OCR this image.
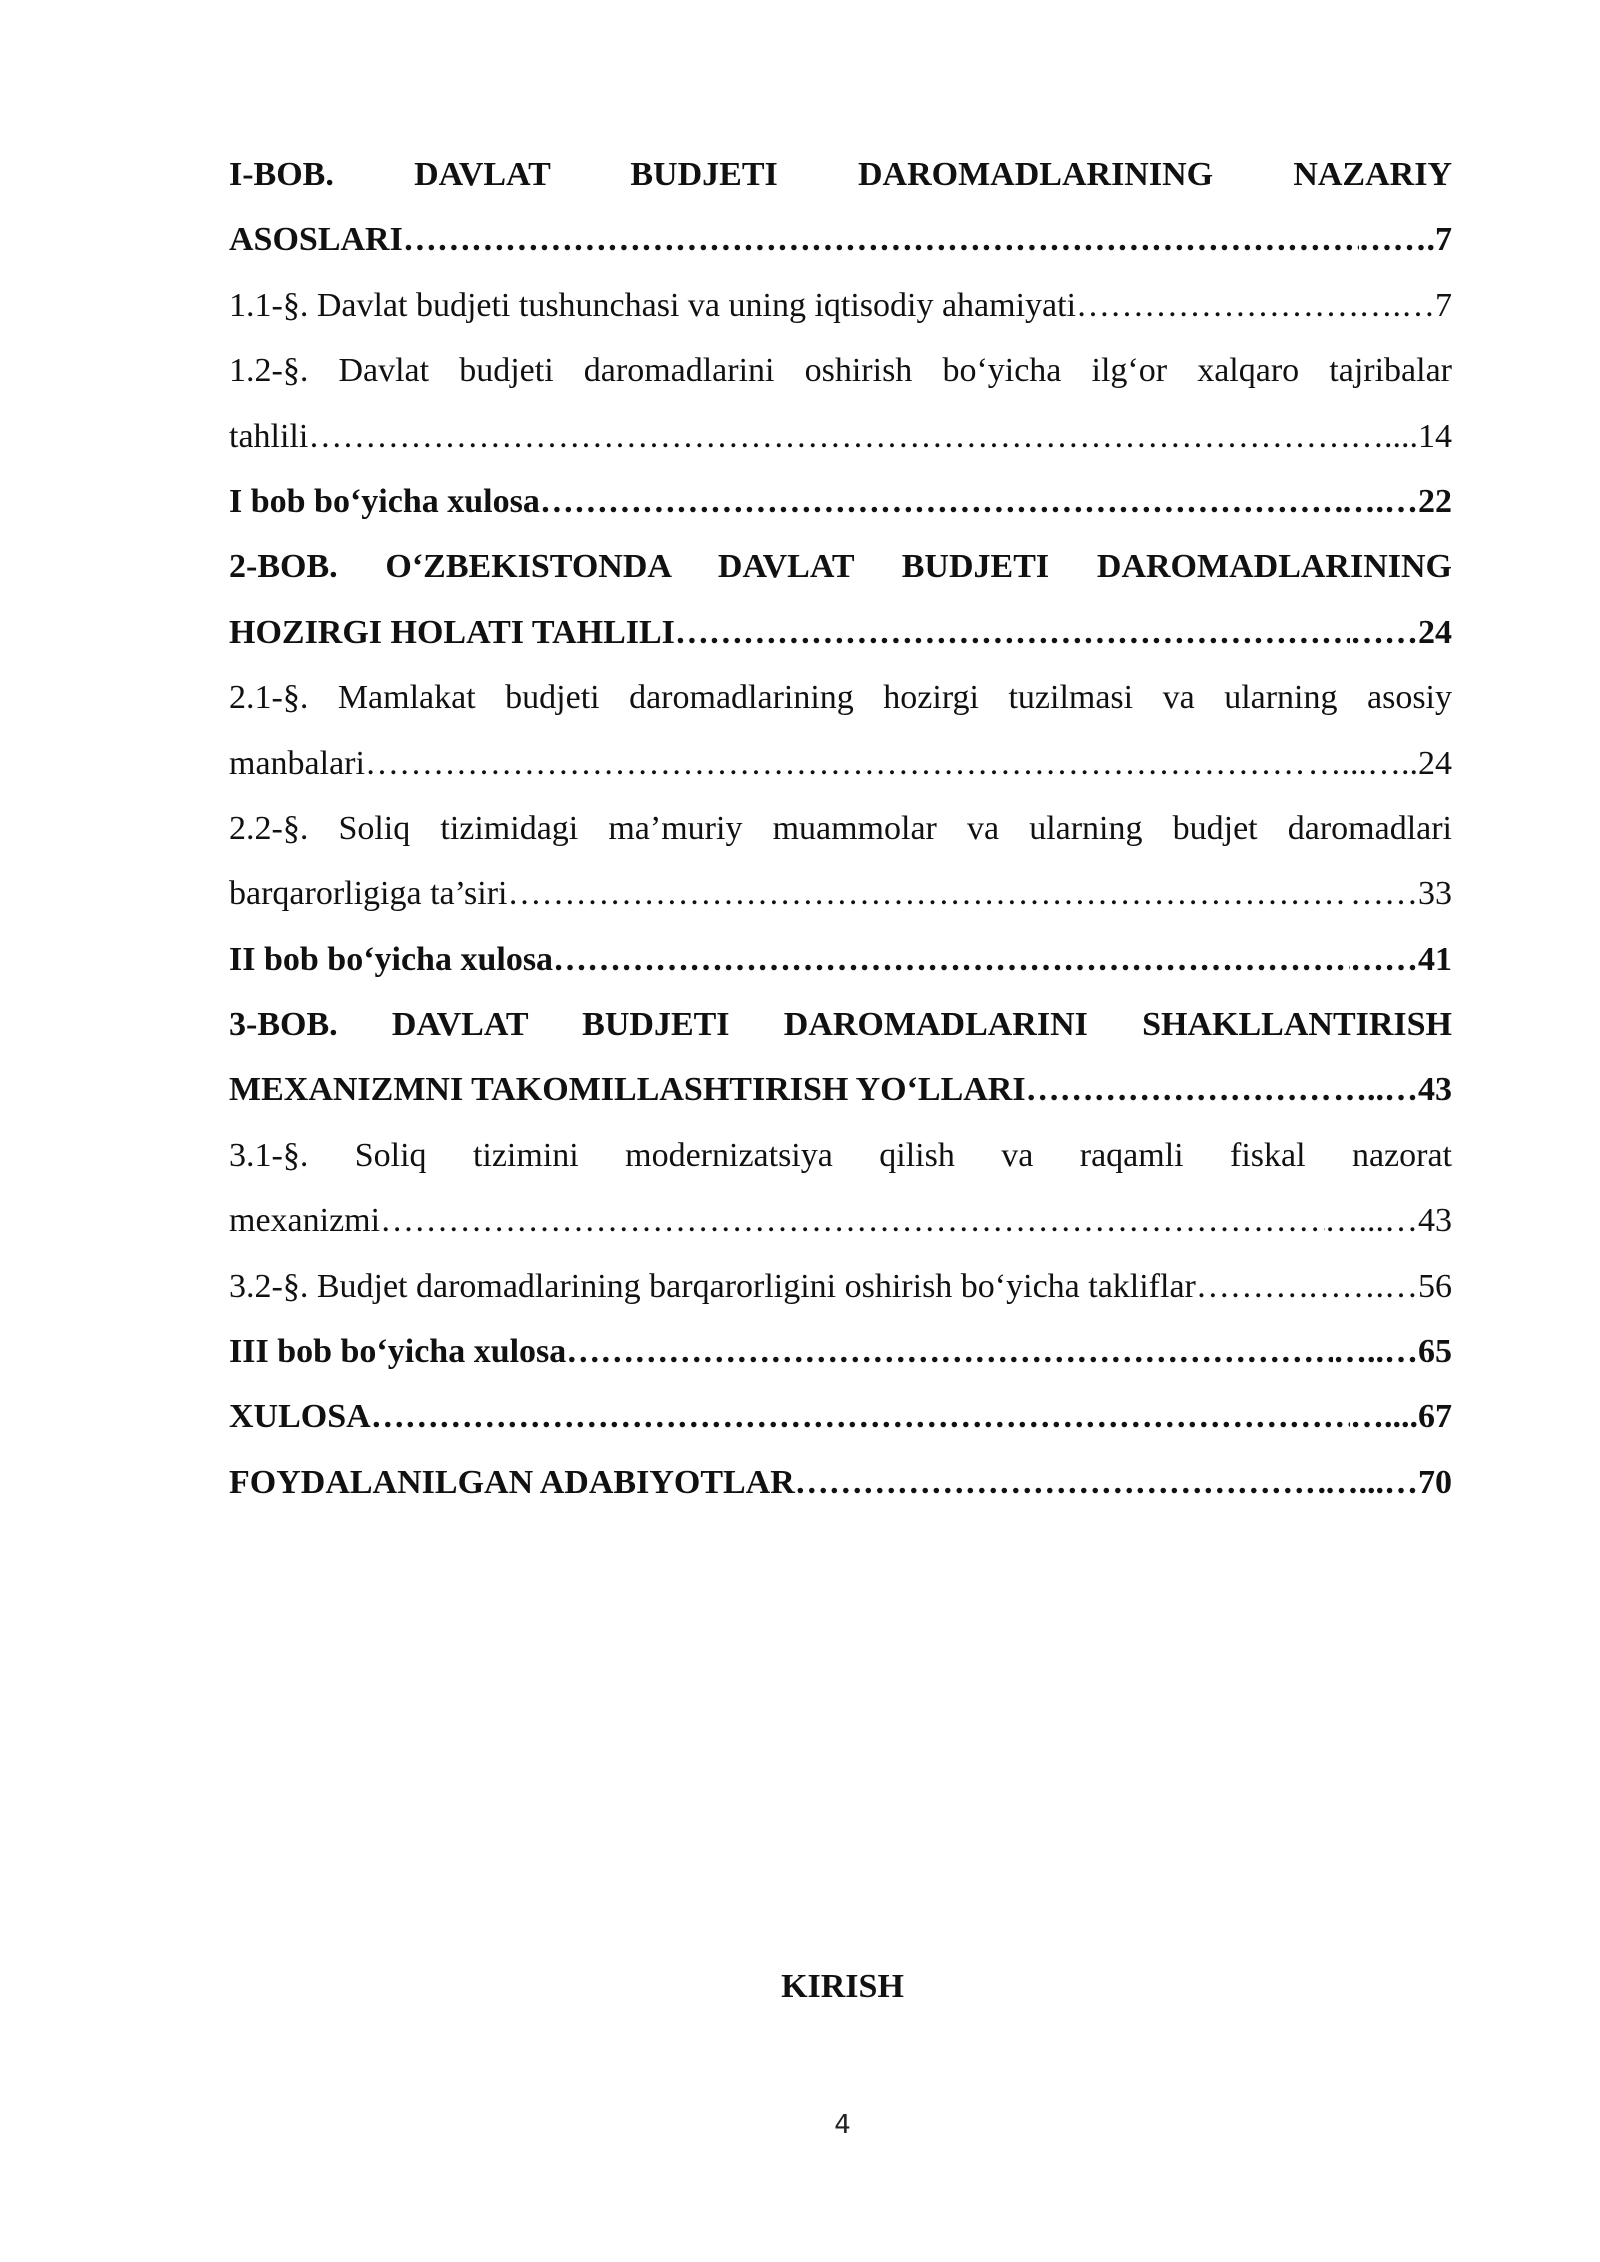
I-BOB. DAVLAT BUDJETI DAROMADLARINING NAZARIY
ASOSLARI …………………………………………………………………………………………………………………………………………………………………………………………………	…….7
1.1-§. Davlat budjeti tushunchasi va uning iqtisodiy ahamiyati …………………………………………………………………………………………………………………………………………………………………………………………………	….…7
1.2-§. Davlat budjeti daromadlarini oshirish bo‘yicha ilg‘or xalqaro tajribalar
tahlili …………………………………………………………………………………………………………………………………………………………………………………………………	…....14
I bob bo‘yicha xulosa …………………………………………………………………………………………………………………………………………………………………………………………………	….…22
2-BOB. O‘ZBEKISTONDA DAVLAT BUDJETI DAROMADLARINING
HOZIRGI HOLATI TAHLILI …………………………………………………………………………………………………………………………………………………………………………………………………	……24
2.1-§. Mamlakat budjeti daromadlarining hozirgi tuzilmasi va ularning asosiy
manbalari …………………………………………………………………………………………………………………………………………………………………………………………………	…...…..24
2.2-§. Soliq tizimidagi ma’muriy muammolar va ularning budjet daromadlari
barqarorligiga ta’siri …………………………………………………………………………………………………………………………………………………………………………………………………	……33
II bob bo‘yicha xulosa …………………………………………………………………………………………………………………………………………………………………………………………………	……41
3-BOB. DAVLAT BUDJETI DAROMADLARINI SHAKLLANTIRISH
MEXANIZMNI TAKOMILLASHTIRISH YO‘LLARI …………………………………………………………………………………………………………………………………………………………………………………………………	…..…43
3.1-§. Soliq tizimini modernizatsiya qilish va raqamli fiskal nazorat
mexanizmi …………………………………………………………………………………………………………………………………………………………………………………………………	…...…43
3.2-§. Budjet daromadlarining barqarorligini oshirish bo‘yicha takliflar …………………………………………………………………………………………………………………………………………………………………………………………………	…….…56
III bob bo‘yicha xulosa …………………………………………………………………………………………………………………………………………………………………………………………………	…..…65
XULOSA …………………………………………………………………………………………………………………………………………………………………………………………………	…....67
FOYDALANILGAN ADABIYOTLAR …………………………………………………………………………………………………………………………………………………………………………………………………	…...…70
KIRISH
4
